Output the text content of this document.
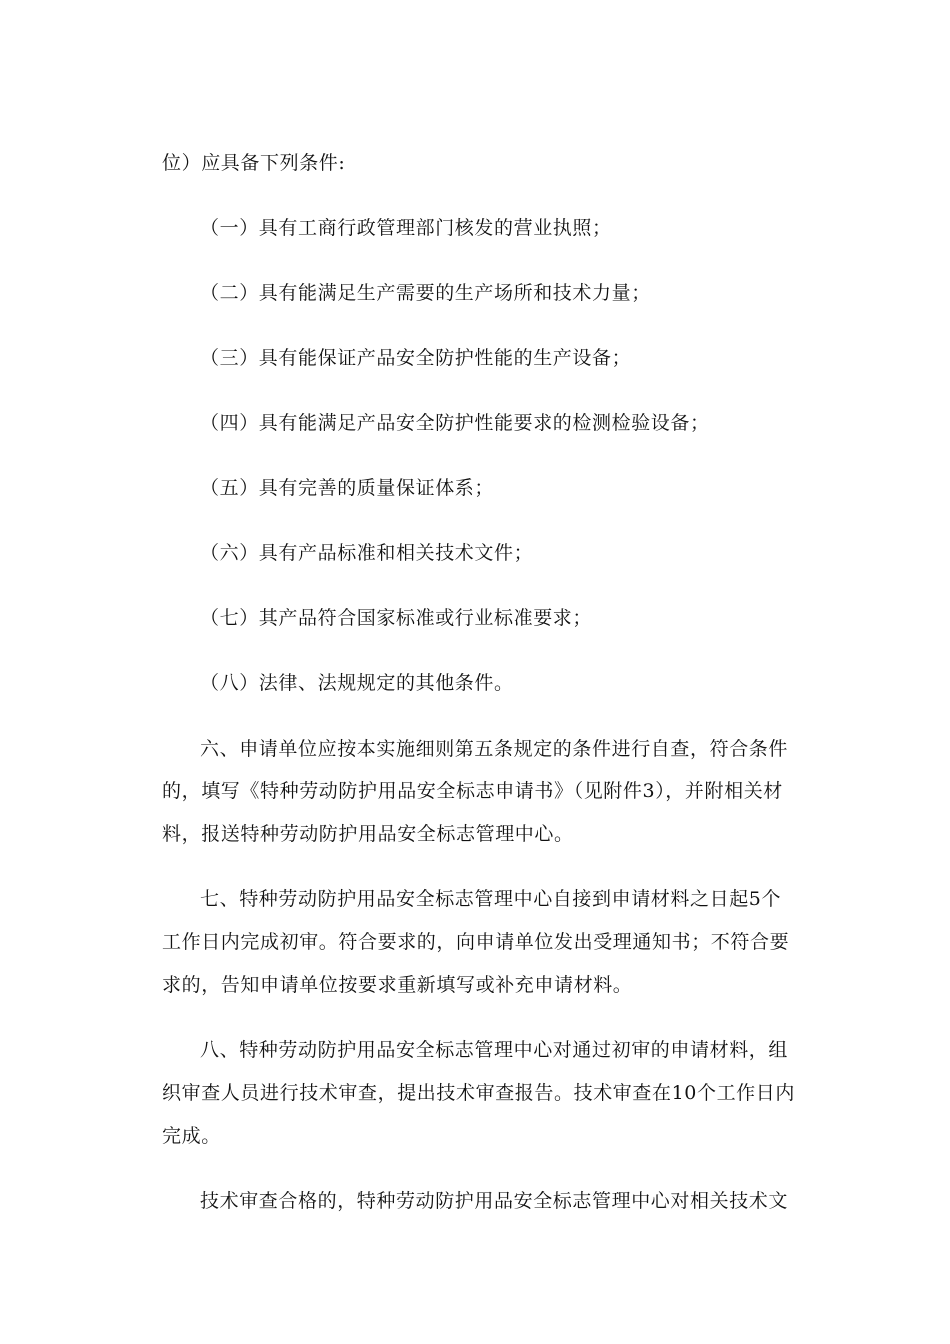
位）应具备下列条件:
（一）具有工商行政管理部门核发的营业执照；
（二）具有能满足生产需要的生产场所和技术力量；
（三）具有能保证产品安全防护性能的生产设备；
（四）具有能满足产品安全防护性能要求的检测检验设备；
（五）具有完善的质量保证体系；
（六）具有产品标准和相关技术文件；
（七）其产品符合国家标准或行业标准要求；
（八）法律、法规规定的其他条件。
六、申请单位应按本实施细则第五条规定的条件进行自查，符合条件
的，填写《特种劳动防护用品安全标志申请书》（见附件3），并附相关材
料，报送特种劳动防护用品安全标志管理中心。
七、特种劳动防护用品安全标志管理中心自接到申请材料之日起5个
工作日内完成初审。符合要求的，向申请单位发出受理通知书；不符合要
求的，告知申请单位按要求重新填写或补充申请材料。
八、特种劳动防护用品安全标志管理中心对通过初审的申请材料，组
织审查人员进行技术审查，提出技术审查报告。技术审查在10个工作日内
完成。
技术审查合格的，特种劳动防护用品安全标志管理中心对相关技术文
